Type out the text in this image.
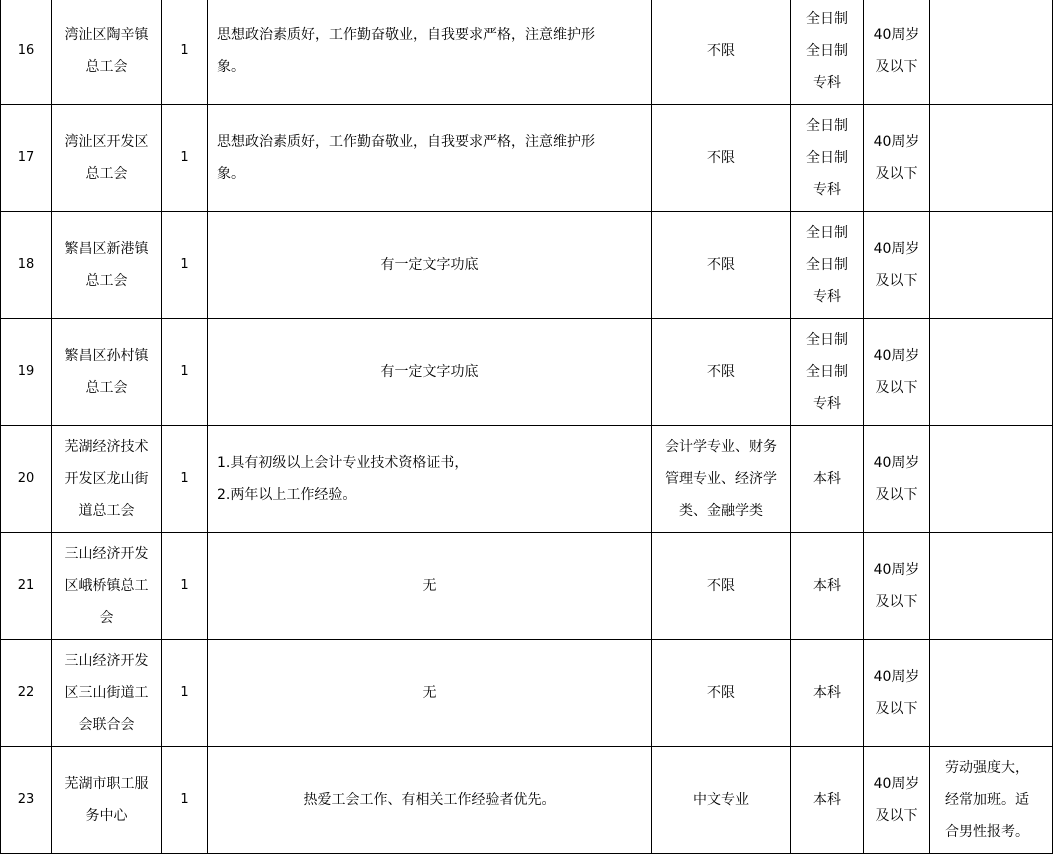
16	湾沚区陶辛镇
总工会	1	思想政治素质好，工作勤奋敬业，自我要求严格，注意维护形
象。	不限	全日制
全日制
专科	40周岁
及以下	

17	湾沚区开发区
总工会	1	思想政治素质好，工作勤奋敬业，自我要求严格，注意维护形
象。	不限	全日制
全日制
专科	40周岁
及以下	

18	繁昌区新港镇
总工会	1	有一定文字功底	不限	全日制
全日制
专科	40周岁
及以下	

19	繁昌区孙村镇
总工会	1	有一定文字功底	不限	全日制
全日制
专科	40周岁
及以下	

20	芜湖经济技术
开发区龙山街
道总工会	1	1.具有初级以上会计专业技术资格证书，
2.两年以上工作经验。	会计学专业、财务
管理专业、经济学
类、金融学类	本科	40周岁
及以下	

21	三山经济开发
区峨桥镇总工
会	1	无	不限	本科	40周岁
及以下	

22	三山经济开发
区三山街道工
会联合会	1	无	不限	本科	40周岁
及以下	

23	芜湖市职工服
务中心	1	热爱工会工作、有相关工作经验者优先。	中文专业	本科	40周岁
及以下	劳动强度大，
经常加班。适
合男性报考。
